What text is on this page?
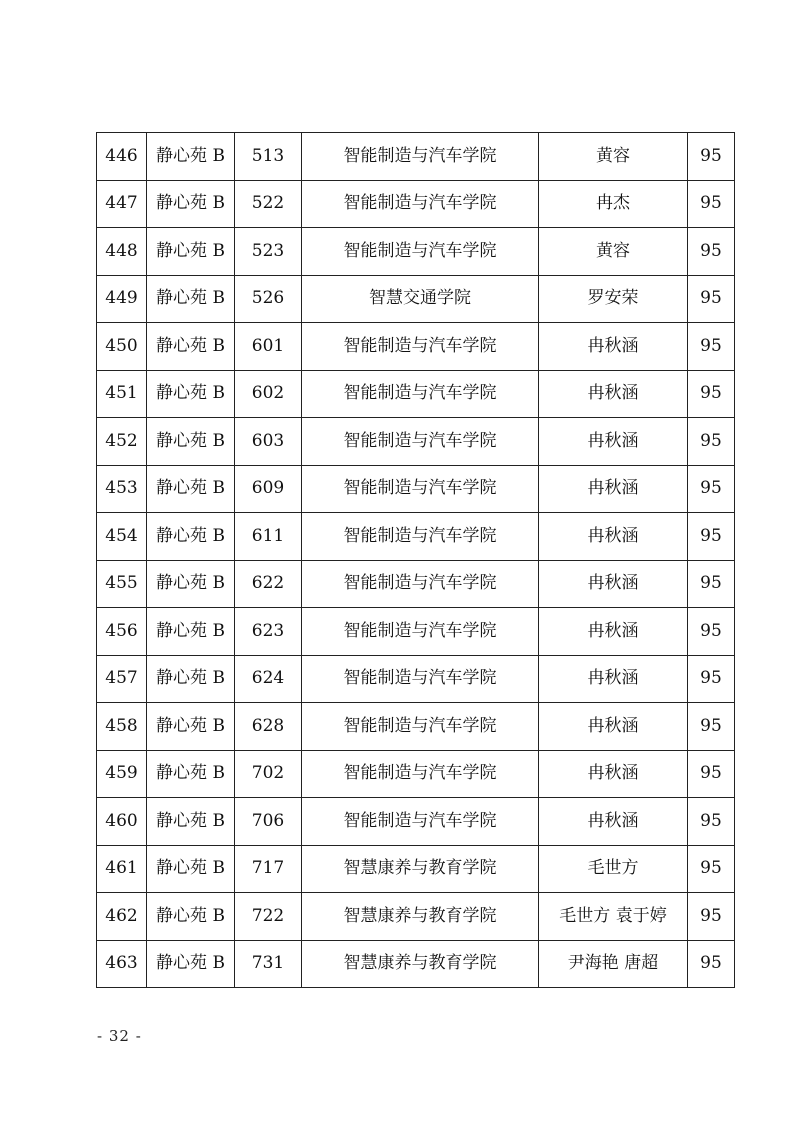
446	静心苑 B	513	智能制造与汽车学院	黄容	95
447	静心苑 B	522	智能制造与汽车学院	冉杰	95
448	静心苑 B	523	智能制造与汽车学院	黄容	95
449	静心苑 B	526	智慧交通学院	罗安荣	95
450	静心苑 B	601	智能制造与汽车学院	冉秋涵	95
451	静心苑 B	602	智能制造与汽车学院	冉秋涵	95
452	静心苑 B	603	智能制造与汽车学院	冉秋涵	95
453	静心苑 B	609	智能制造与汽车学院	冉秋涵	95
454	静心苑 B	611	智能制造与汽车学院	冉秋涵	95
455	静心苑 B	622	智能制造与汽车学院	冉秋涵	95
456	静心苑 B	623	智能制造与汽车学院	冉秋涵	95
457	静心苑 B	624	智能制造与汽车学院	冉秋涵	95
458	静心苑 B	628	智能制造与汽车学院	冉秋涵	95
459	静心苑 B	702	智能制造与汽车学院	冉秋涵	95
460	静心苑 B	706	智能制造与汽车学院	冉秋涵	95
461	静心苑 B	717	智慧康养与教育学院	毛世方	95
462	静心苑 B	722	智慧康养与教育学院	毛世方 袁于婷	95
463	静心苑 B	731	智慧康养与教育学院	尹海艳 唐超	95
- 32 -
